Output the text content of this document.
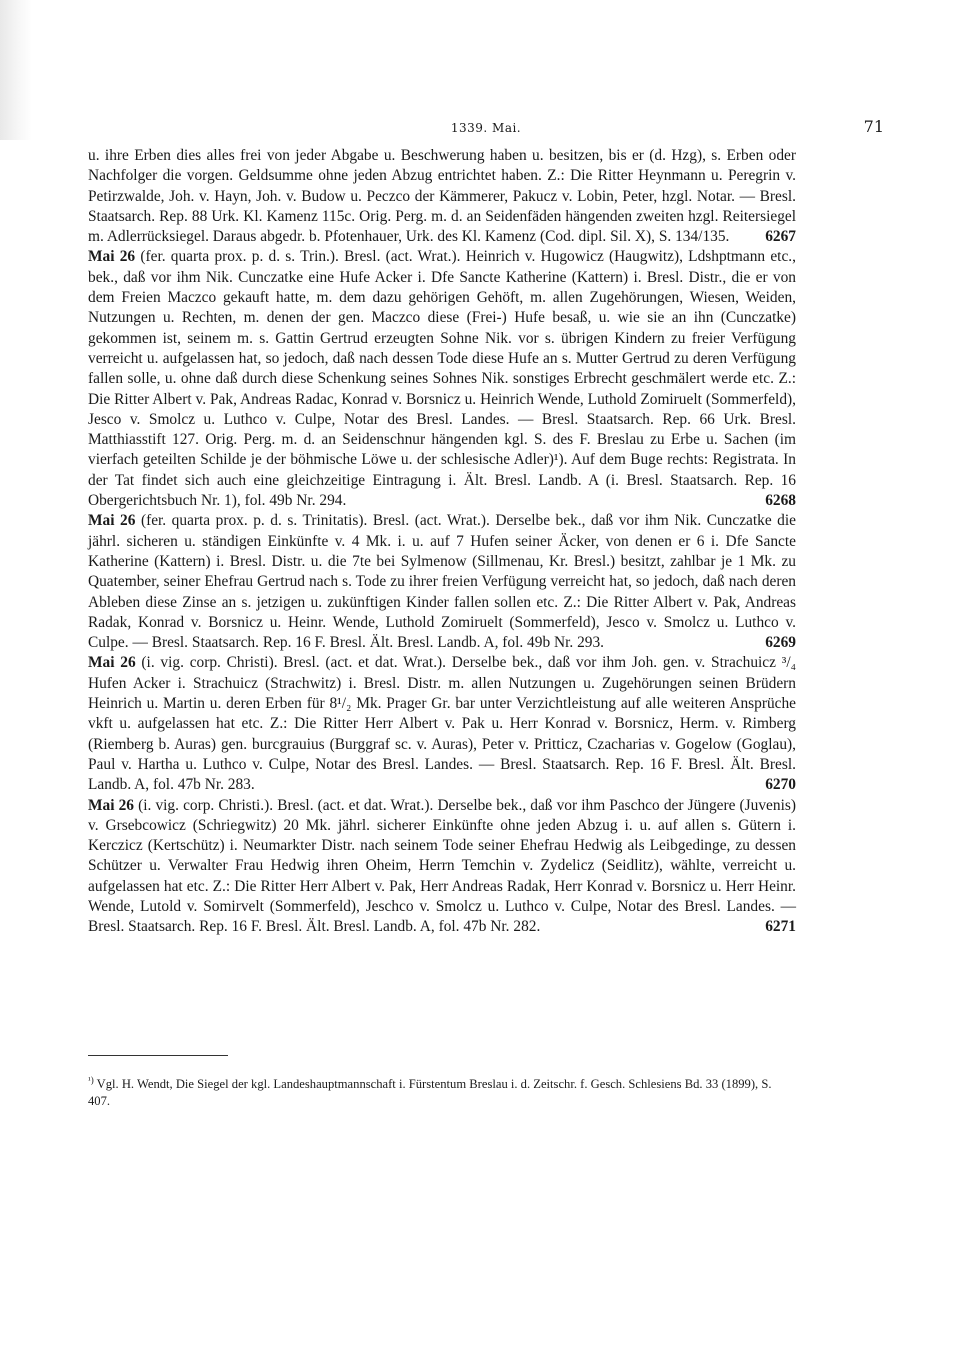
1339. Mai.	71

u. ihre Erben dies alles frei von jeder Abgabe u. Beschwerung haben u. besitzen, bis er (d. Hzg), s. Erben oder Nachfolger die vorgen. Geldsumme ohne jeden Abzug entrichtet haben. Z.: Die Ritter Heynmann u. Peregrin v. Petirzwalde, Joh. v. Hayn, Joh. v. Budow u. Peczco der Kämmerer, Pakucz v. Lobin, Peter, hzgl. Notar. — Bresl. Staatsarch. Rep. 88 Urk. Kl. Kamenz 115c. Orig. Perg. m. d. an Seidenfäden hängenden zweiten hzgl. Reitersiegel m. Adlerrücksiegel. Daraus abgedr. b. Pfotenhauer, Urk. des Kl. Kamenz (Cod. dipl. Sil. X), S. 134/135.	6267

Mai 26 (fer. quarta prox. p. d. s. Trin.). Bresl. (act. Wrat.). Heinrich v. Hugowicz (Haugwitz), Ldshptmann etc., bek., daß vor ihm Nik. Cunczatke eine Hufe Acker i. Dfe Sancte Katherine (Kattern) i. Bresl. Distr., die er von dem Freien Maczco gekauft hatte, m. dem dazu gehörigen Gehöft, m. allen Zugehörungen, Wiesen, Weiden, Nutzungen u. Rechten, m. denen der gen. Maczco diese (Frei-) Hufe besaß, u. wie sie an ihn (Cunczatke) gekommen ist, seinem m. s. Gattin Gertrud erzeugten Sohne Nik. vor s. übrigen Kindern zu freier Verfügung verreicht u. aufgelassen hat, so jedoch, daß nach dessen Tode diese Hufe an s. Mutter Gertrud zu deren Verfügung fallen solle, u. ohne daß durch diese Schenkung seines Sohnes Nik. sonstiges Erbrecht geschmälert werde etc. Z.: Die Ritter Albert v. Pak, Andreas Radac, Konrad v. Borsnicz u. Heinrich Wende, Luthold Zomiruelt (Sommerfeld), Jesco v. Smolcz u. Luthco v. Culpe, Notar des Bresl. Landes. — Bresl. Staatsarch. Rep. 66 Urk. Bresl. Matthiasstift 127. Orig. Perg. m. d. an Seidenschnur hängenden kgl. S. des F. Breslau zu Erbe u. Sachen (im vierfach geteilten Schilde je der böhmische Löwe u. der schlesische Adler)¹). Auf dem Buge rechts: Registrata. In der Tat findet sich auch eine gleichzeitige Eintragung i. Ält. Bresl. Landb. A (i. Bresl. Staatsarch. Rep. 16 Obergerichtsbuch Nr. 1), fol. 49b Nr. 294.	6268

Mai 26 (fer. quarta prox. p. d. s. Trinitatis). Bresl. (act. Wrat.). Derselbe bek., daß vor ihm Nik. Cunczatke die jährl. sicheren u. ständigen Einkünfte v. 4 Mk. i. u. auf 7 Hufen seiner Äcker, von denen er 6 i. Dfe Sancte Katherine (Kattern) i. Bresl. Distr. u. die 7te bei Sylmenow (Sillmenau, Kr. Bresl.) besitzt, zahlbar je 1 Mk. zu Quatember, seiner Ehefrau Gertrud nach s. Tode zu ihrer freien Verfügung verreicht hat, so jedoch, daß nach deren Ableben diese Zinse an s. jetzigen u. zukünftigen Kinder fallen sollen etc. Z.: Die Ritter Albert v. Pak, Andreas Radak, Konrad v. Borsnicz u. Heinr. Wende, Luthold Zomiruelt (Sommerfeld), Jesco v. Smolcz u. Luthco v. Culpe. — Bresl. Staatsarch. Rep. 16 F. Bresl. Ält. Bresl. Landb. A, fol. 49b Nr. 293.	6269

Mai 26 (i. vig. corp. Christi). Bresl. (act. et dat. Wrat.). Derselbe bek., daß vor ihm Joh. gen. v. Strachuicz ³/₄ Hufen Acker i. Strachuicz (Strachwitz) i. Bresl. Distr. m. allen Nutzungen u. Zugehörungen seinen Brüdern Heinrich u. Martin u. deren Erben für 8¹/₂ Mk. Prager Gr. bar unter Verzichtleistung auf alle weiteren Ansprüche vkft u. aufgelassen hat etc. Z.: Die Ritter Herr Albert v. Pak u. Herr Konrad v. Borsnicz, Herm. v. Rimberg (Riemberg b. Auras) gen. burcgrauius (Burggraf sc. v. Auras), Peter v. Pritticz, Czacharias v. Gogelow (Goglau), Paul v. Hartha u. Luthco v. Culpe, Notar des Bresl. Landes. — Bresl. Staatsarch. Rep. 16 F. Bresl. Ält. Bresl. Landb. A, fol. 47b Nr. 283.	6270

Mai 26 (i. vig. corp. Christi.). Bresl. (act. et dat. Wrat.). Derselbe bek., daß vor ihm Paschco der Jüngere (Juvenis) v. Grsebcowicz (Schriegwitz) 20 Mk. jährl. sicherer Einkünfte ohne jeden Abzug i. u. auf allen s. Gütern i. Kerczicz (Kertschütz) i. Neumarkter Distr. nach seinem Tode seiner Ehefrau Hedwig als Leibgedinge, zu dessen Schützer u. Verwalter Frau Hedwig ihren Oheim, Herrn Temchin v. Zydelicz (Seidlitz), wählte, verreicht u. aufgelassen hat etc. Z.: Die Ritter Herr Albert v. Pak, Herr Andreas Radak, Herr Konrad v. Borsnicz u. Herr Heinr. Wende, Lutold v. Somirvelt (Sommerfeld), Jeschco v. Smolcz u. Luthco v. Culpe, Notar des Bresl. Landes. — Bresl. Staatsarch. Rep. 16 F. Bresl. Ält. Bresl. Landb. A, fol. 47b Nr. 282.	6271

$^{^1)}$ Vgl. H. Wendt, Die Siegel der kgl. Landeshauptmannschaft i. Fürstentum Breslau i. d. Zeitschr. f. Gesch. Schlesiens Bd. 33 (1899), S. 407.
